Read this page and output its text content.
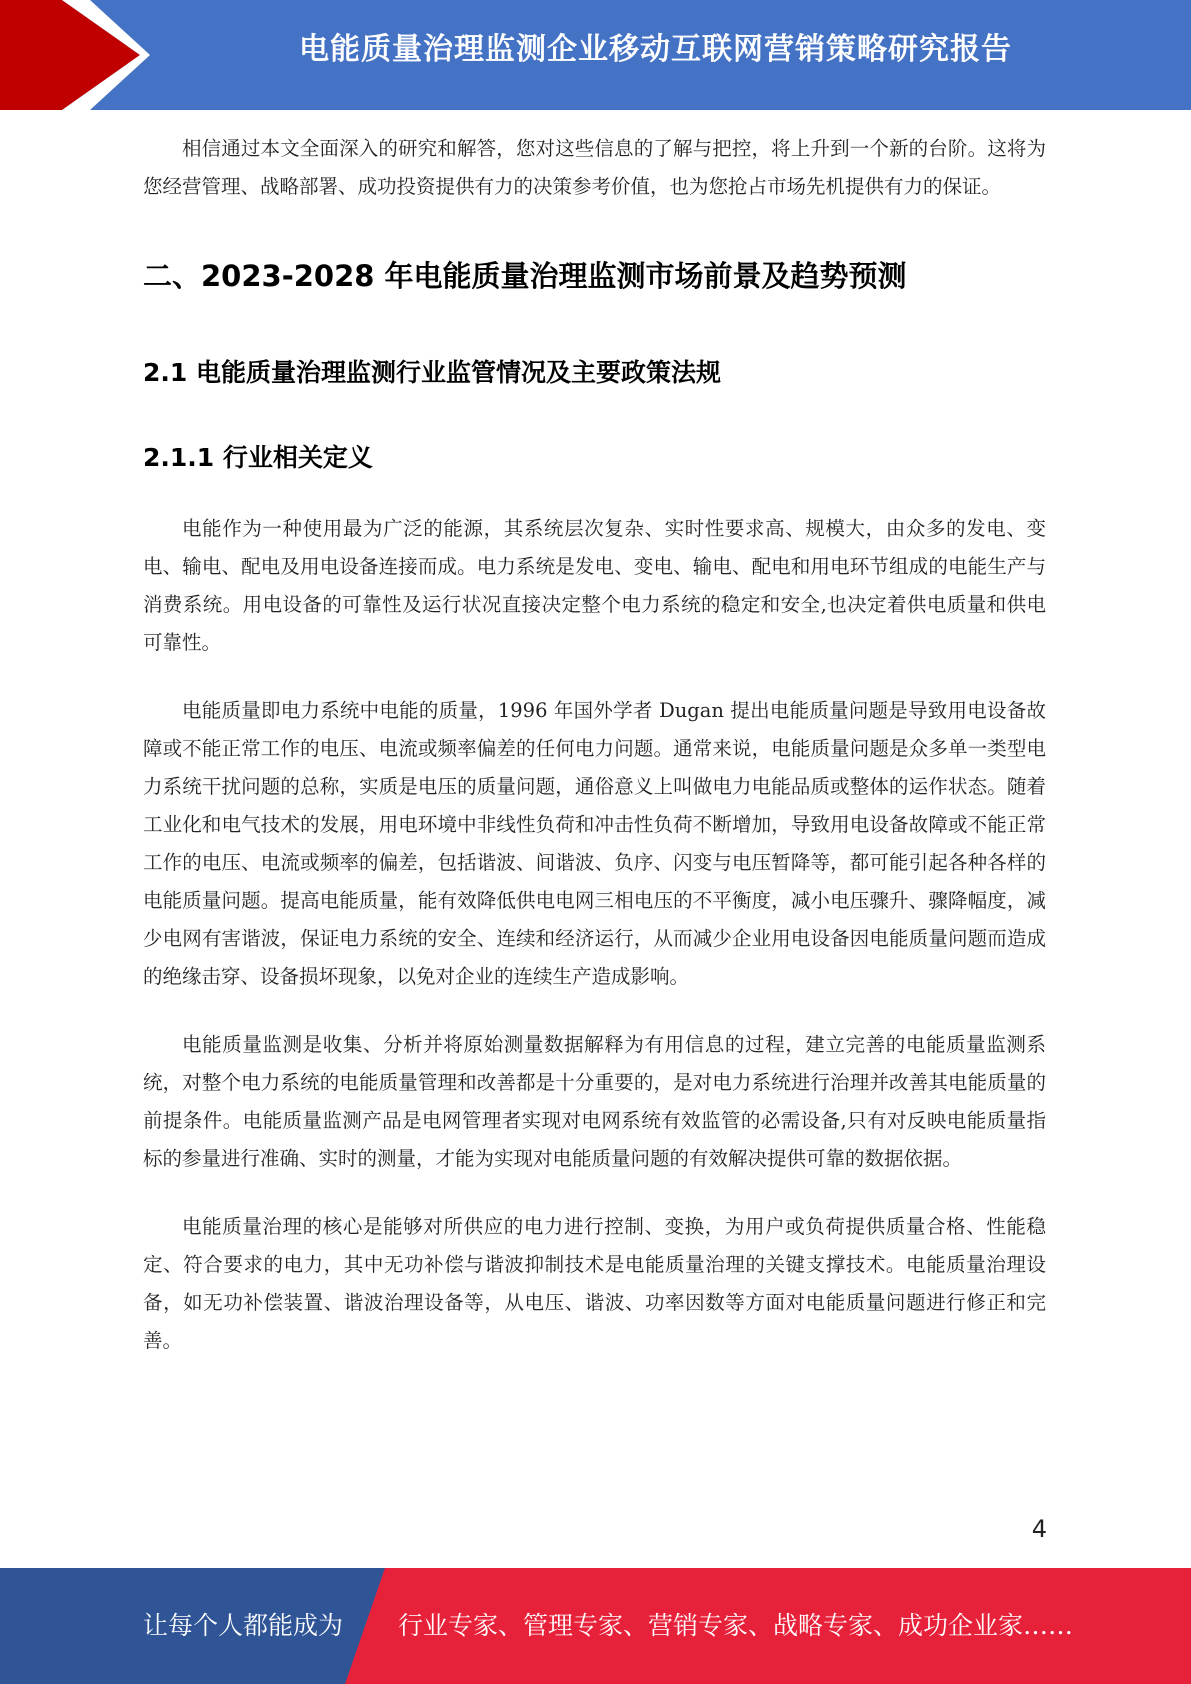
电能质量治理监测企业移动互联网营销策略研究报告

相信通过本文全面深入的研究和解答，您对这些信息的了解与把控，将上升到一个新的台阶。这将为您经营管理、战略部署、成功投资提供有力的决策参考价值，也为您抢占市场先机提供有力的保证。

二、2023-2028 年电能质量治理监测市场前景及趋势预测
2.1 电能质量治理监测行业监管情况及主要政策法规
2.1.1 行业相关定义

电能作为一种使用最为广泛的能源，其系统层次复杂、实时性要求高、规模大，由众多的发电、变电、输电、配电及用电设备连接而成。电力系统是发电、变电、输电、配电和用电环节组成的电能生产与消费系统。用电设备的可靠性及运行状况直接决定整个电力系统的稳定和安全,也决定着供电质量和供电可靠性。

电能质量即电力系统中电能的质量，1996 年国外学者 Dugan 提出电能质量问题是导致用电设备故障或不能正常工作的电压、电流或频率偏差的任何电力问题。通常来说，电能质量问题是众多单一类型电力系统干扰问题的总称，实质是电压的质量问题，通俗意义上叫做电力电能品质或整体的运作状态。随着工业化和电气技术的发展，用电环境中非线性负荷和冲击性负荷不断增加，导致用电设备故障或不能正常工作的电压、电流或频率的偏差，包括谐波、间谐波、负序、闪变与电压暂降等，都可能引起各种各样的电能质量问题。提高电能质量，能有效降低供电电网三相电压的不平衡度，减小电压骤升、骤降幅度，减少电网有害谐波，保证电力系统的安全、连续和经济运行，从而减少企业用电设备因电能质量问题而造成的绝缘击穿、设备损坏现象，以免对企业的连续生产造成影响。

电能质量监测是收集、分析并将原始测量数据解释为有用信息的过程，建立完善的电能质量监测系统，对整个电力系统的电能质量管理和改善都是十分重要的，是对电力系统进行治理并改善其电能质量的前提条件。电能质量监测产品是电网管理者实现对电网系统有效监管的必需设备,只有对反映电能质量指标的参量进行准确、实时的测量，才能为实现对电能质量问题的有效解决提供可靠的数据依据。

电能质量治理的核心是能够对所供应的电力进行控制、变换，为用户或负荷提供质量合格、性能稳定、符合要求的电力，其中无功补偿与谐波抑制技术是电能质量治理的关键支撑技术。电能质量治理设备，如无功补偿装置、谐波治理设备等，从电压、谐波、功率因数等方面对电能质量问题进行修正和完善。

4
让每个人都能成为 行业专家、管理专家、营销专家、战略专家、成功企业家……
